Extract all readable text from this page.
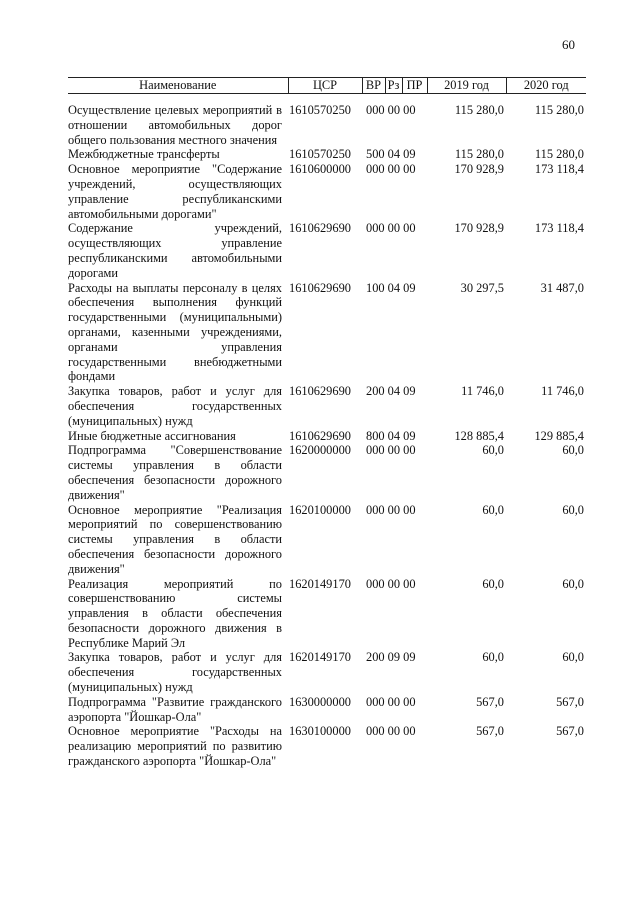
60
Наименование	ЦСР	ВР	Рз	ПР	2019 год	2020 год
Осуществление целевых мероприятий в отношении автомобильных дорог общего пользования местного значения	1610570250	000 00 00			115 280,0	115 280,0
Межбюджетные трансферты	1610570250	500 04 09			115 280,0	115 280,0
Основное мероприятие "Содержание учреждений, осуществляющих управление республиканскими автомобильными дорогами"	1610600000	000 00 00			170 928,9	173 118,4
Содержание учреждений, осуществляющих управление республиканскими автомобильными дорогами	1610629690	000 00 00			170 928,9	173 118,4
Расходы на выплаты персоналу в целях обеспечения выполнения функций государственными (муниципальными) органами, казенными учреждениями, органами управления государственными внебюджетными фондами	1610629690	100 04 09			30 297,5	31 487,0
Закупка товаров, работ и услуг для обеспечения государственных (муниципальных) нужд	1610629690	200 04 09			11 746,0	11 746,0
Иные бюджетные ассигнования	1610629690	800 04 09			128 885,4	129 885,4
Подпрограмма "Совершенствование системы управления в области обеспечения безопасности дорожного движения"	1620000000	000 00 00			60,0	60,0
Основное мероприятие "Реализация мероприятий по совершенствованию системы управления в области обеспечения безопасности дорожного движения"	1620100000	000 00 00			60,0	60,0
Реализация мероприятий по совершенствованию системы управления в области обеспечения безопасности дорожного движения в Республике Марий Эл	1620149170	000 00 00			60,0	60,0
Закупка товаров, работ и услуг для обеспечения государственных (муниципальных) нужд	1620149170	200 09 09			60,0	60,0
Подпрограмма "Развитие гражданского аэропорта "Йошкар-Ола"	1630000000	000 00 00			567,0	567,0
Основное мероприятие "Расходы на реализацию мероприятий по развитию гражданского аэропорта "Йошкар-Ола"	1630100000	000 00 00			567,0	567,0
